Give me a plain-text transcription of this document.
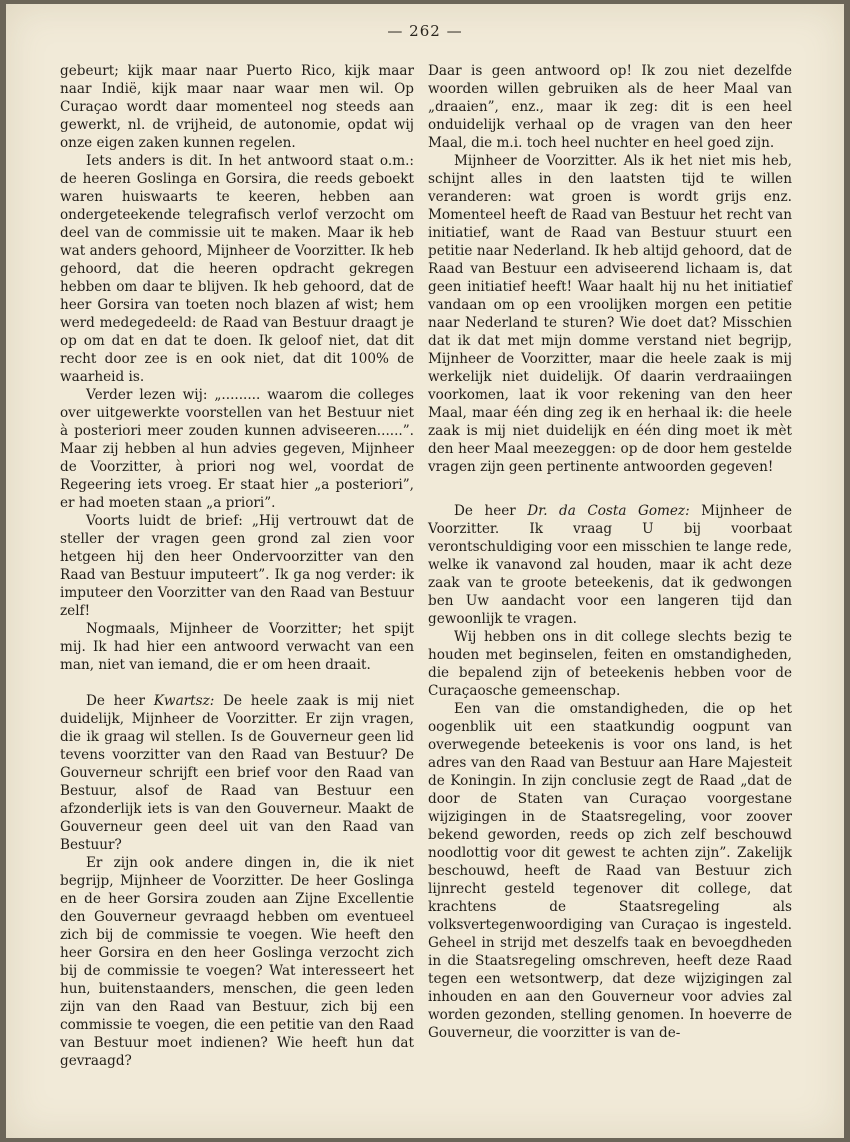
— 262 —

gebeurt; kijk maar naar Puerto Rico, kijk maar naar Indië, kijk maar naar waar men wil. Op Curaçao wordt daar momenteel nog steeds aan gewerkt, nl. de vrijheid, de autonomie, opdat wij onze eigen zaken kunnen regelen.

Iets anders is dit. In het antwoord staat o.m.: de heeren Goslinga en Gorsira, die reeds geboekt waren huiswaarts te keeren, hebben aan ondergeteekende telegrafisch verlof verzocht om deel van de commissie uit te maken. Maar ik heb wat anders gehoord, Mijnheer de Voorzitter. Ik heb gehoord, dat die heeren opdracht gekregen hebben om daar te blijven. Ik heb gehoord, dat de heer Gorsira van toeten noch blazen af wist; hem werd medegedeeld: de Raad van Bestuur draagt je op om dat en dat te doen. Ik geloof niet, dat dit recht door zee is en ook niet, dat dit 100% de waarheid is.

Verder lezen wij: „......... waarom die colleges over uitgewerkte voorstellen van het Bestuur niet à posteriori meer zouden kunnen adviseeren......”. Maar zij hebben al hun advies gegeven, Mijnheer de Voorzitter, à priori nog wel, voordat de Regeering iets vroeg. Er staat hier „a posteriori”, er had moeten staan „a priori”.

Voorts luidt de brief: „Hij vertrouwt dat de steller der vragen geen grond zal zien voor hetgeen hij den heer Ondervoorzitter van den Raad van Bestuur imputeert”. Ik ga nog verder: ik imputeer den Voorzitter van den Raad van Bestuur zelf!

Nogmaals, Mijnheer de Voorzitter; het spijt mij. Ik had hier een antwoord verwacht van een man, niet van iemand, die er om heen draait.

De heer Kwartsz: De heele zaak is mij niet duidelijk, Mijnheer de Voorzitter. Er zijn vragen, die ik graag wil stellen. Is de Gouverneur geen lid tevens voorzitter van den Raad van Bestuur? De Gouverneur schrijft een brief voor den Raad van Bestuur, alsof de Raad van Bestuur een afzonderlijk iets is van den Gouverneur. Maakt de Gouverneur geen deel uit van den Raad van Bestuur?

Er zijn ook andere dingen in, die ik niet begrijp, Mijnheer de Voorzitter. De heer Goslinga en de heer Gorsira zouden aan Zijne Excellentie den Gouverneur gevraagd hebben om eventueel zich bij de commissie te voegen. Wie heeft den heer Gorsira en den heer Goslinga verzocht zich bij de commissie te voegen? Wat interesseert het hun, buitenstaanders, menschen, die geen leden zijn van den Raad van Bestuur, zich bij een commissie te voegen, die een petitie van den Raad van Bestuur moet indienen? Wie heeft hun dat gevraagd?

Daar is geen antwoord op! Ik zou niet dezelfde woorden willen gebruiken als de heer Maal van „draaien”, enz., maar ik zeg: dit is een heel onduidelijk verhaal op de vragen van den heer Maal, die m.i. toch heel nuchter en heel goed zijn.

Mijnheer de Voorzitter. Als ik het niet mis heb, schijnt alles in den laatsten tijd te willen veranderen: wat groen is wordt grijs enz. Momenteel heeft de Raad van Bestuur het recht van initiatief, want de Raad van Bestuur stuurt een petitie naar Nederland. Ik heb altijd gehoord, dat de Raad van Bestuur een adviseerend lichaam is, dat geen initiatief heeft! Waar haalt hij nu het initiatief vandaan om op een vroolijken morgen een petitie naar Nederland te sturen? Wie doet dat? Misschien dat ik dat met mijn domme verstand niet begrijp, Mijnheer de Voorzitter, maar die heele zaak is mij werkelijk niet duidelijk. Of daarin verdraaiingen voorkomen, laat ik voor rekening van den heer Maal, maar één ding zeg ik en herhaal ik: die heele zaak is mij niet duidelijk en één ding moet ik mèt den heer Maal meezeggen: op de door hem gestelde vragen zijn geen pertinente antwoorden gegeven!

De heer Dr. da Costa Gomez: Mijnheer de Voorzitter. Ik vraag U bij voorbaat verontschuldiging voor een misschien te lange rede, welke ik vanavond zal houden, maar ik acht deze zaak van te groote beteekenis, dat ik gedwongen ben Uw aandacht voor een langeren tijd dan gewoonlijk te vragen.

Wij hebben ons in dit college slechts bezig te houden met beginselen, feiten en omstandigheden, die bepalend zijn of beteekenis hebben voor de Curaçaosche gemeenschap.

Een van die omstandigheden, die op het oogenblik uit een staatkundig oogpunt van overwegende beteekenis is voor ons land, is het adres van den Raad van Bestuur aan Hare Majesteit de Koningin. In zijn conclusie zegt de Raad „dat de door de Staten van Curaçao voorgestane wijzigingen in de Staatsregeling, voor zoover bekend geworden, reeds op zich zelf beschouwd noodlottig voor dit gewest te achten zijn”. Zakelijk beschouwd, heeft de Raad van Bestuur zich lijnrecht gesteld tegenover dit college, dat krachtens de Staatsregeling als volksvertegenwoordiging van Curaçao is ingesteld. Geheel in strijd met deszelfs taak en bevoegdheden in die Staatsregeling omschreven, heeft deze Raad tegen een wetsontwerp, dat deze wijzigingen zal inhouden en aan den Gouverneur voor advies zal worden gezonden, stelling genomen. In hoeverre de Gouverneur, die voorzitter is van de-
